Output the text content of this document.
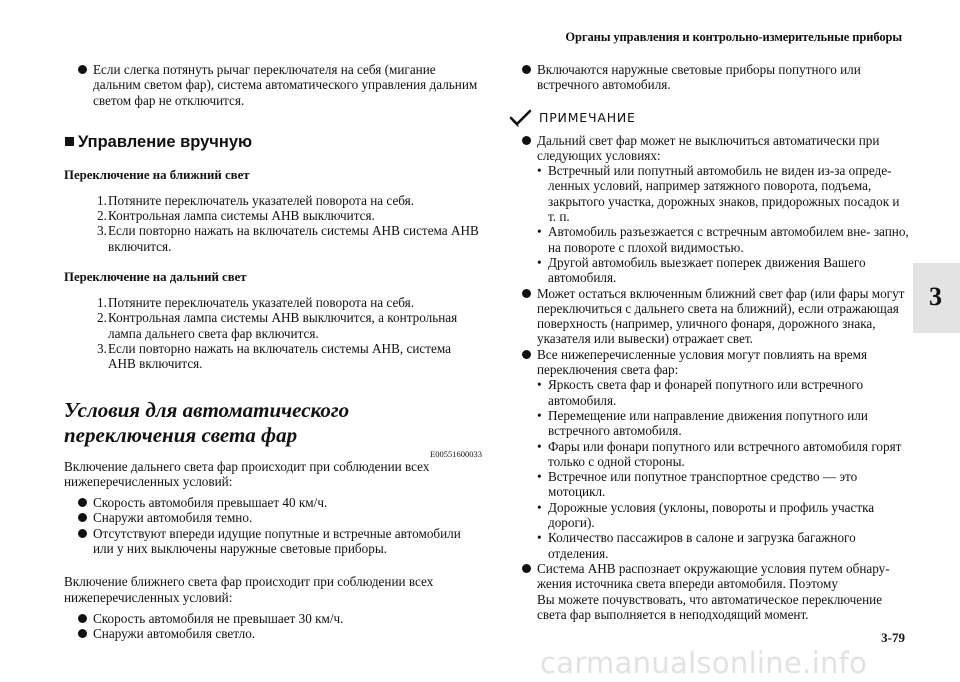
Органы управления и контрольно-измерительные приборы
3

Если слегка потянуть рычаг переключателя на себя (мигание дальним светом фар), система автоматического управления дальним светом фар не отключится.

Управление вручную
Переключение на ближний свет

1. Потяните переключатель указателей поворота на себя.

2. Контрольная лампа системы AHB выключится.

3. Если повторно нажать на включатель системы AHB система AHB включится.

Переключение на дальний свет

1. Потяните переключатель указателей поворота на себя.

2. Контрольная лампа системы AHB выключится, а контрольная лампа дальнего света фар включится.

3. Если повторно нажать на включатель системы AHB, система AHB включится.

Условия для автоматического переключения света фар
E00551600033

Включение дальнего света фар происходит при соблюдении всех нижеперечисленных условий:

Скорость автомобиля превышает 40 км/ч.

Снаружи автомобиля темно.

Отсутствуют впереди идущие попутные и встречные автомобили или у них выключены наружные световые приборы.

Включение ближнего света фар происходит при соблюдении всех нижеперечисленных условий:

Скорость автомобиля не превышает 30 км/ч.

Снаружи автомобиля светло.

Включаются наружные световые приборы попутного или встречного автомобиля.

ПРИМЕЧАНИЕ

Дальний свет фар может не выключиться автоматически при следующих условиях:

• Встречный или попутный автомобиль не виден из-за опреде- ленных условий, например затяжного поворота, подъема, закрытого участка, дорожных знаков, придорожных посадок и т. п.

• Автомобиль разъезжается с встречным автомобилем вне- запно, на повороте с плохой видимостью.

• Другой автомобиль выезжает поперек движения Вашего автомобиля.

Может остаться включенным ближний свет фар (или фары могут переключиться с дальнего света на ближний), если отражающая поверхность (например, уличного фонаря, дорожного знака, указателя или вывески) отражает свет.

Все нижеперечисленные условия могут повлиять на время переключения света фар:

• Яркость света фар и фонарей попутного или встречного автомобиля.

• Перемещение или направление движения попутного или встречного автомобиля.

• Фары или фонари попутного или встречного автомобиля горят только с одной стороны.

• Встречное или попутное транспортное средство — это мотоцикл.

• Дорожные условия (уклоны, повороты и профиль участка дороги).

• Количество пассажиров в салоне и загрузка багажного отделения.

Система AHB распознает окружающие условия путем обнару- жения источника света впереди автомобиля. Поэтому

Вы можете почувствовать, что автоматическое переключение света фар выполняется в неподходящий момент.

3-79
carmanualsonline.info
